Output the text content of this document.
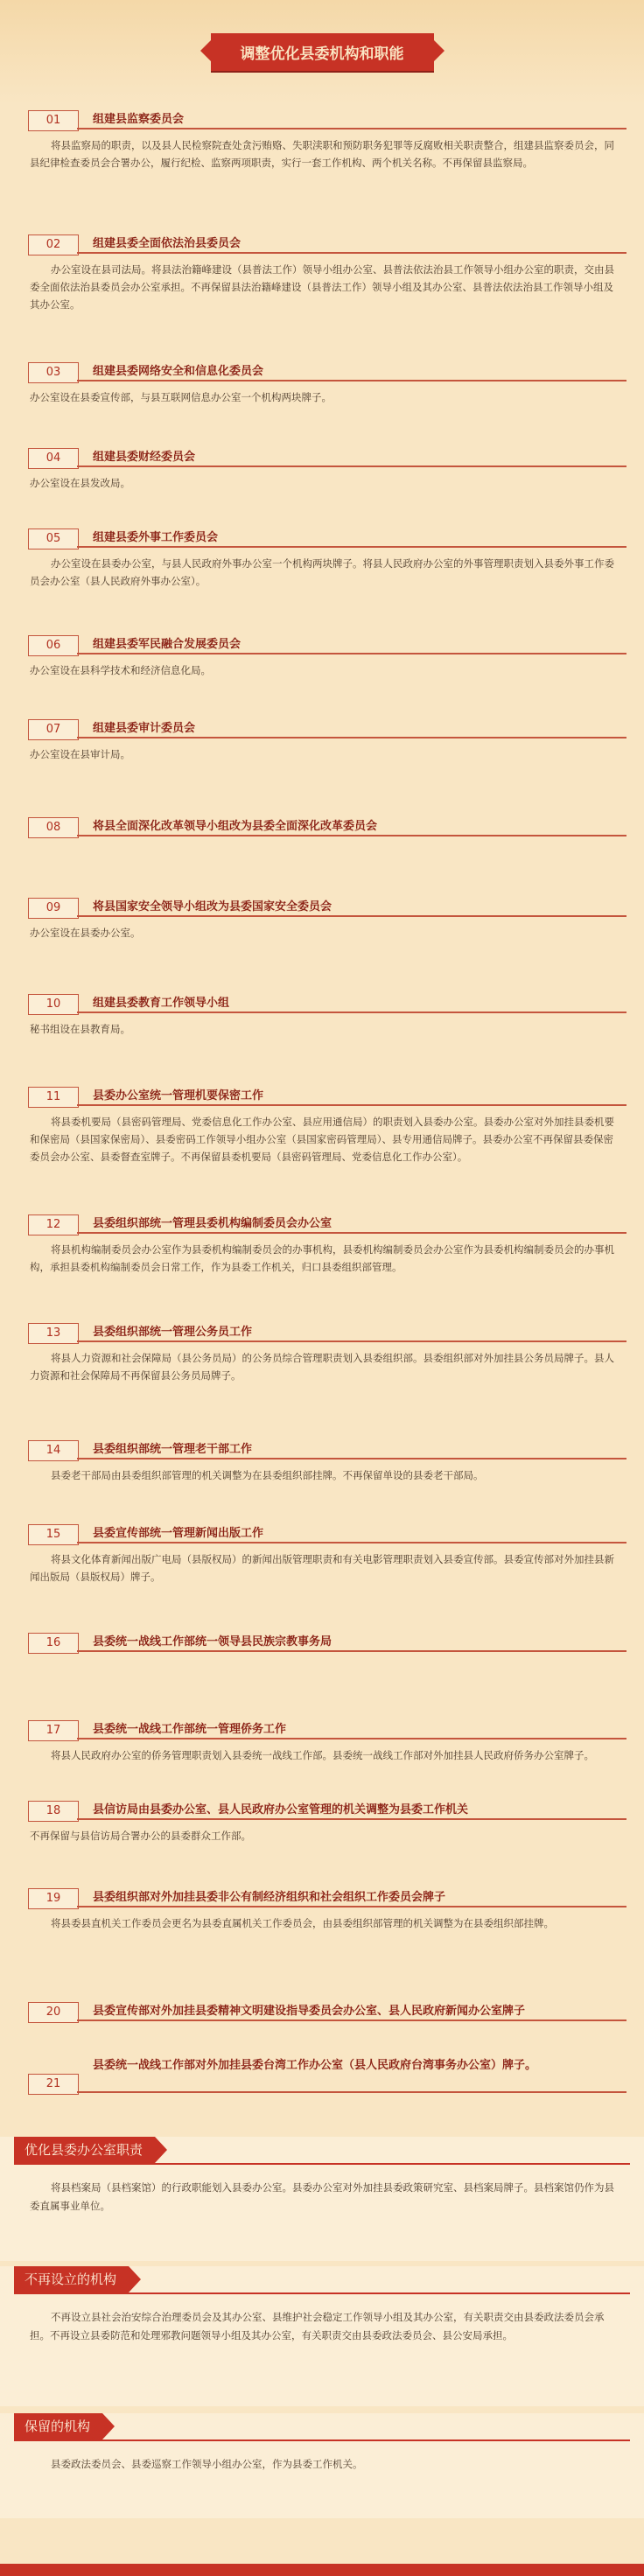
调整优化县委机构和职能
01	组建县监察委员会
将县监察局的职责，以及县人民检察院查处贪污贿赂、失职渎职和预防职务犯罪等反腐败相关职责整合，组建县监察委员会，同县纪律检查委员会合署办公，履行纪检、监察两项职责，实行一套工作机构、两个机关名称。不再保留县监察局。
02	组建县委全面依法治县委员会
办公室设在县司法局。将县法治籍峰建设（县普法工作）领导小组办公室、县普法依法治县工作领导小组办公室的职责，交由县委全面依法治县委员会办公室承担。不再保留县法治籍峰建设（县普法工作）领导小组及其办公室、县普法依法治县工作领导小组及其办公室。
03	组建县委网络安全和信息化委员会
办公室设在县委宣传部，与县互联网信息办公室一个机构两块牌子。
04	组建县委财经委员会
办公室设在县发改局。
05	组建县委外事工作委员会
办公室设在县委办公室，与县人民政府外事办公室一个机构两块牌子。将县人民政府办公室的外事管理职责划入县委外事工作委员会办公室（县人民政府外事办公室）。
06	组建县委军民融合发展委员会
办公室设在县科学技术和经济信息化局。
07	组建县委审计委员会
办公室设在县审计局。
08	将县全面深化改革领导小组改为县委全面深化改革委员会
09	将县国家安全领导小组改为县委国家安全委员会
办公室设在县委办公室。
10	组建县委教育工作领导小组
秘书组设在县教育局。
11	县委办公室统一管理机要保密工作
将县委机要局（县密码管理局、党委信息化工作办公室、县应用通信局）的职责划入县委办公室。县委办公室对外加挂县委机要和保密局（县国家保密局）、县委密码工作领导小组办公室（县国家密码管理局）、县专用通信局牌子。县委办公室不再保留县委保密委员会办公室、县委督查室牌子。不再保留县委机要局（县密码管理局、党委信息化工作办公室）。
12	县委组织部统一管理县委机构编制委员会办公室
将县机构编制委员会办公室作为县委机构编制委员会的办事机构，县委机构编制委员会办公室作为县委机构编制委员会的办事机构，承担县委机构编制委员会日常工作，作为县委工作机关，归口县委组织部管理。
13	县委组织部统一管理公务员工作
将县人力资源和社会保障局（县公务员局）的公务员综合管理职责划入县委组织部。县委组织部对外加挂县公务员局牌子。县人力资源和社会保障局不再保留县公务员局牌子。
14	县委组织部统一管理老干部工作
县委老干部局由县委组织部管理的机关调整为在县委组织部挂牌。不再保留单设的县委老干部局。
15	县委宣传部统一管理新闻出版工作
将县文化体育新闻出版广电局（县版权局）的新闻出版管理职责和有关电影管理职责划入县委宣传部。县委宣传部对外加挂县新闻出版局（县版权局）牌子。
16	县委统一战线工作部统一领导县民族宗教事务局
17	县委统一战线工作部统一管理侨务工作
将县人民政府办公室的侨务管理职责划入县委统一战线工作部。县委统一战线工作部对外加挂县人民政府侨务办公室牌子。
18	县信访局由县委办公室、县人民政府办公室管理的机关调整为县委工作机关
不再保留与县信访局合署办公的县委群众工作部。
19	县委组织部对外加挂县委非公有制经济组织和社会组织工作委员会牌子
将县委县直机关工作委员会更名为县委直属机关工作委员会，由县委组织部管理的机关调整为在县委组织部挂牌。
20	县委宣传部对外加挂县委精神文明建设指导委员会办公室、县人民政府新闻办公室牌子
21
县委统一战线工作部对外加挂县委台湾工作办公室（县人民政府台湾事务办公室）牌子。
优化县委办公室职责
将县档案局（县档案馆）的行政职能划入县委办公室。县委办公室对外加挂县委政策研究室、县档案局牌子。县档案馆仍作为县委直属事业单位。
不再设立的机构
不再设立县社会治安综合治理委员会及其办公室、县维护社会稳定工作领导小组及其办公室，有关职责交由县委政法委员会承担。不再设立县委防范和处理邪教问题领导小组及其办公室，有关职责交由县委政法委员会、县公安局承担。
保留的机构
县委政法委员会、县委巡察工作领导小组办公室，作为县委工作机关。
